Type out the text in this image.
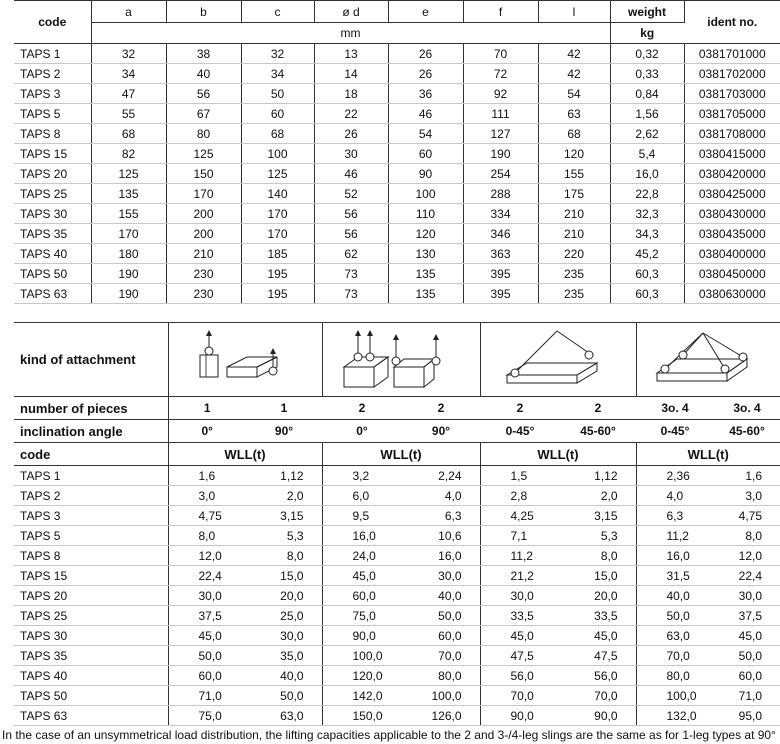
code	a	b	c	ø d	e	f	l	weight	ident no.
	mm							kg	
TAPS 1	32	38	32	13	26	70	42	0,32	0381701000
TAPS 2	34	40	34	14	26	72	42	0,33	0381702000
TAPS 3	47	56	50	18	36	92	54	0,84	0381703000
TAPS 5	55	67	60	22	46	111	63	1,56	0381705000
TAPS 8	68	80	68	26	54	127	68	2,62	0381708000
TAPS 15	82	125	100	30	60	190	120	5,4	0380415000
TAPS 20	125	150	125	46	90	254	155	16,0	0380420000
TAPS 25	135	170	140	52	100	288	175	22,8	0380425000
TAPS 30	155	200	170	56	110	334	210	32,3	0380430000
TAPS 35	170	200	170	56	120	346	210	34,3	0380435000
TAPS 40	180	210	185	62	130	363	220	45,2	0380400000
TAPS 50	190	230	195	73	135	395	235	60,3	0380450000
TAPS 63	190	230	195	73	135	395	235	60,3	0380630000
kind of attachment	

number of pieces	1	1	2	2	2	2	3o. 4	3o. 4
inclination angle	0°	90°	0°	90°	0-45°	45-60°	0-45°	45-60°
code	WLL(t)		WLL(t)		WLL(t)		WLL(t)	
TAPS 1	1,6	1,12	3,2	2,24	1,5	1,12	2,36	1,6
TAPS 2	3,0	2,0	6,0	4,0	2,8	2,0	4,0	3,0
TAPS 3	4,75	3,15	9,5	6,3	4,25	3,15	6,3	4,75
TAPS 5	8,0	5,3	16,0	10,6	7,1	5,3	11,2	8,0
TAPS 8	12,0	8,0	24,0	16,0	11,2	8,0	16,0	12,0
TAPS 15	22,4	15,0	45,0	30,0	21,2	15,0	31,5	22,4
TAPS 20	30,0	20,0	60,0	40,0	30,0	20,0	40,0	30,0
TAPS 25	37,5	25,0	75,0	50,0	33,5	33,5	50,0	37,5
TAPS 30	45,0	30,0	90,0	60,0	45,0	45,0	63,0	45,0
TAPS 35	50,0	35,0	100,0	70,0	47,5	47,5	70,0	50,0
TAPS 40	60,0	40,0	120,0	80,0	56,0	56,0	80,0	60,0
TAPS 50	71,0	50,0	142,0	100,0	70,0	70,0	100,0	71,0
TAPS 63	75,0	63,0	150,0	126,0	90,0	90,0	132,0	95,0
In the case of an unsymmetrical load distribution, the lifting capacities applicable to the 2 and 3-/4-leg slings are the same as for 1-leg types at 90°
